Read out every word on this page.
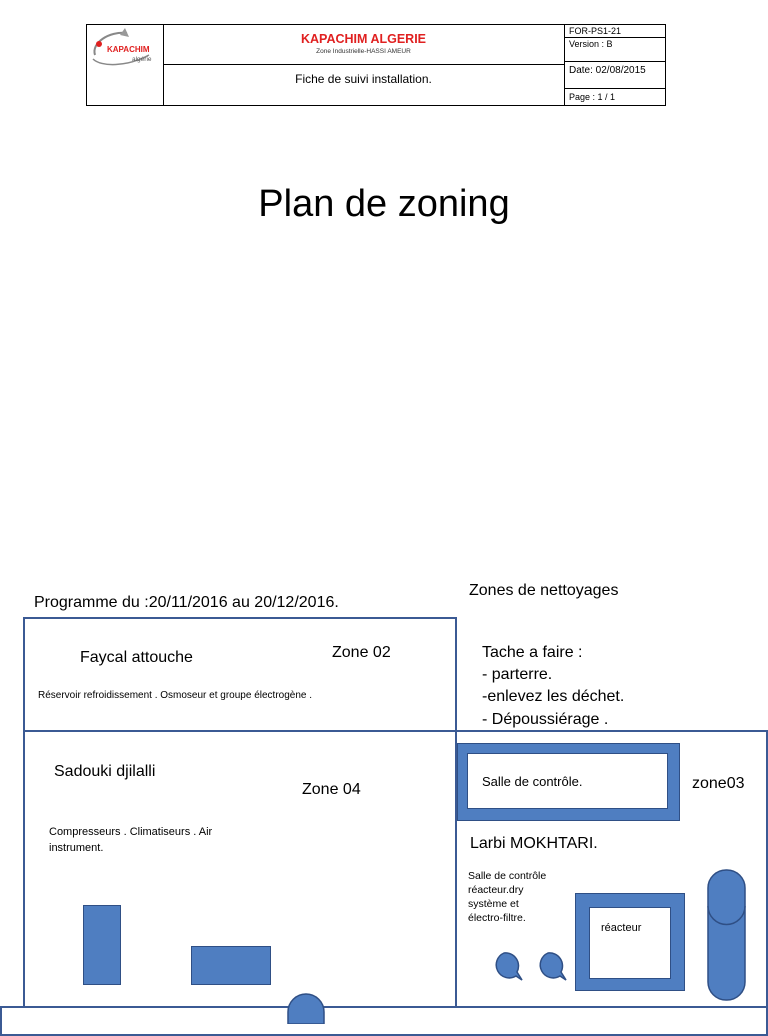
KAPACHIM
algérie
KAPACHIM ALGERIE
Zone Industrielle-HASSI AMEUR
Fiche de suivi installation.
FOR-PS1-21
Version : B
Date: 02/08/2015
Page : 1 / 1
Plan de zoning
Programme du :20/11/2016 au 20/12/2016.
Zones de nettoyages
Tache a faire :
- parterre.
-enlevez les déchet.
- Dépoussiérage .
Faycal attouche	Zone 02
Réservoir refroidissement . Osmoseur et groupe électrogène .
Sadouki djilalli
Zone 04
Compresseurs . Climatiseurs . Air
instrument.
Salle de contrôle.	zone03
Larbi MOKHTARI.
Salle de contrôle
réacteur.dry
système et
électro-filtre.
réacteur
